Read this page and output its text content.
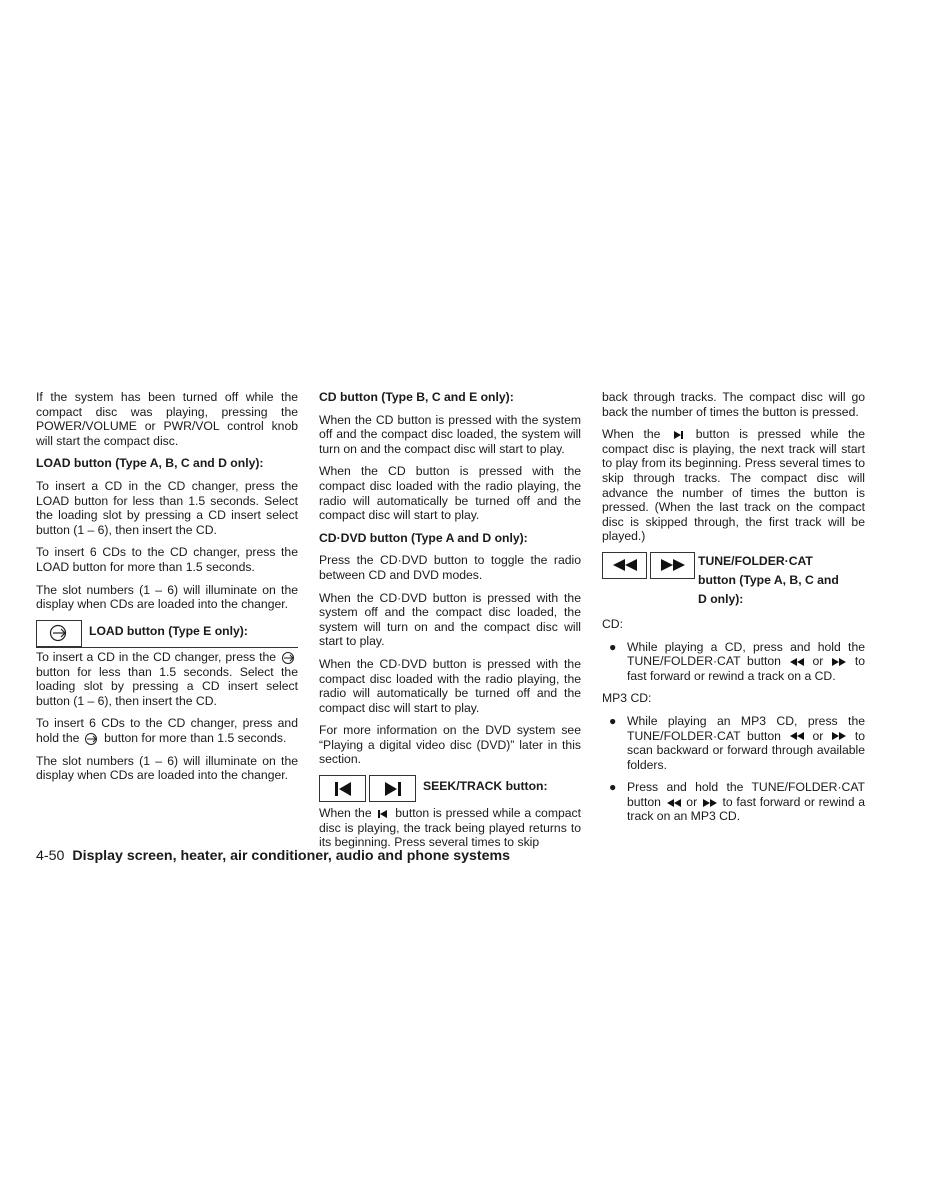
If the system has been turned off while the compact disc was playing, pressing the POWER/VOLUME or PWR/VOL control knob will start the compact disc.

LOAD button (Type A, B, C and D only):

To insert a CD in the CD changer, press the LOAD button for less than 1.5 seconds. Select the loading slot by pressing a CD insert select button (1 – 6), then insert the CD.

To insert 6 CDs to the CD changer, press the LOAD button for more than 1.5 seconds.

The slot numbers (1 – 6) will illuminate on the display when CDs are loaded into the changer.

LOAD button (Type E only):

To insert a CD in the CD changer, press the  button for less than 1.5 seconds. Select the loading slot by pressing a CD insert select button (1 – 6), then insert the CD.

To insert 6 CDs to the CD changer, press and hold the button for more than 1.5 seconds.

The slot numbers (1 – 6) will illuminate on the display when CDs are loaded into the changer.

CD button (Type B, C and E only):

When the CD button is pressed with the system off and the compact disc loaded, the system will turn on and the compact disc will start to play.

When the CD button is pressed with the compact disc loaded with the radio playing, the radio will automatically be turned off and the compact disc will start to play.

CD·DVD button (Type A and D only):

Press the CD·DVD button to toggle the radio between CD and DVD modes.

When the CD·DVD button is pressed with the system off and the compact disc loaded, the system will turn on and the compact disc will start to play.

When the CD·DVD button is pressed with the compact disc loaded with the radio playing, the radio will automatically be turned off and the compact disc will start to play.

For more information on the DVD system see “Playing a digital video disc (DVD)” later in this section.

SEEK/TRACK button:

When the button is pressed while a compact disc is playing, the track being played returns to its beginning. Press several times to skip

back through tracks. The compact disc will go back the number of times the button is pressed.

When the	button is pressed while the compact disc is playing, the next track will start to play from its beginning. Press several times to skip through tracks. The compact disc will advance the number of times the button is pressed. (When the last track on the compact disc is skipped through, the first track will be played.)

TUNE/FOLDER·CAT button (Type A, B, C and D only):
CD:
● While playing a CD, press and hold the TUNE/FOLDER·CAT button	or	to fast forward or rewind a track on a CD.
MP3 CD:
● While playing an MP3 CD, press the TUNE/FOLDER·CAT button	or	to scan backward or forward through available folders.
● Press and hold the TUNE/FOLDER·CAT button or to fast forward or rewind a track on an MP3 CD.
4-50 Display screen, heater, air conditioner, audio and phone systems
